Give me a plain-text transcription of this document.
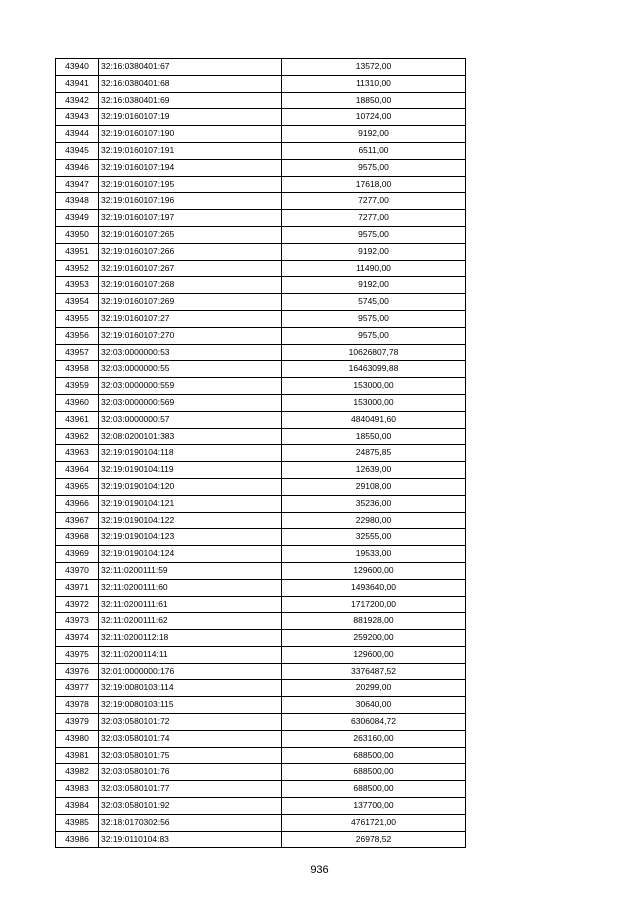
43940	32:16:0380401:67	13572,00
43941	32:16:0380401:68	11310,00
43942	32:16:0380401:69	18850,00
43943	32:19:0160107:19	10724,00
43944	32:19:0160107:190	9192,00
43945	32:19:0160107:191	6511,00
43946	32:19:0160107:194	9575,00
43947	32:19:0160107:195	17618,00
43948	32:19:0160107:196	7277,00
43949	32:19:0160107:197	7277,00
43950	32:19:0160107:265	9575,00
43951	32:19:0160107:266	9192,00
43952	32:19:0160107:267	11490,00
43953	32:19:0160107:268	9192,00
43954	32:19:0160107:269	5745,00
43955	32:19:0160107:27	9575,00
43956	32:19:0160107:270	9575,00
43957	32:03:0000000:53	10626807,78
43958	32:03:0000000:55	16463099,88
43959	32:03:0000000:559	153000,00
43960	32:03:0000000:569	153000,00
43961	32:03:0000000:57	4840491,60
43962	32:08:0200101:383	18550,00
43963	32:19:0190104:118	24875,85
43964	32:19:0190104:119	12639,00
43965	32:19:0190104:120	29108,00
43966	32:19:0190104:121	35236,00
43967	32:19:0190104:122	22980,00
43968	32:19:0190104:123	32555,00
43969	32:19:0190104:124	19533,00
43970	32:11:0200111:59	129600,00
43971	32:11:0200111:60	1493640,00
43972	32:11:0200111:61	1717200,00
43973	32:11:0200111:62	881928,00
43974	32:11:0200112:18	259200,00
43975	32:11:0200114:11	129600,00
43976	32:01:0000000:176	3376487,52
43977	32:19:0080103:114	20299,00
43978	32:19:0080103:115	30640,00
43979	32:03:0580101:72	6306084,72
43980	32:03:0580101:74	263160,00
43981	32:03:0580101:75	688500,00
43982	32:03:0580101:76	688500,00
43983	32:03:0580101:77	688500,00
43984	32:03:0580101:92	137700,00
43985	32:18:0170302:56	4761721,00
43986	32:19:0110104:83	26978,52
936
